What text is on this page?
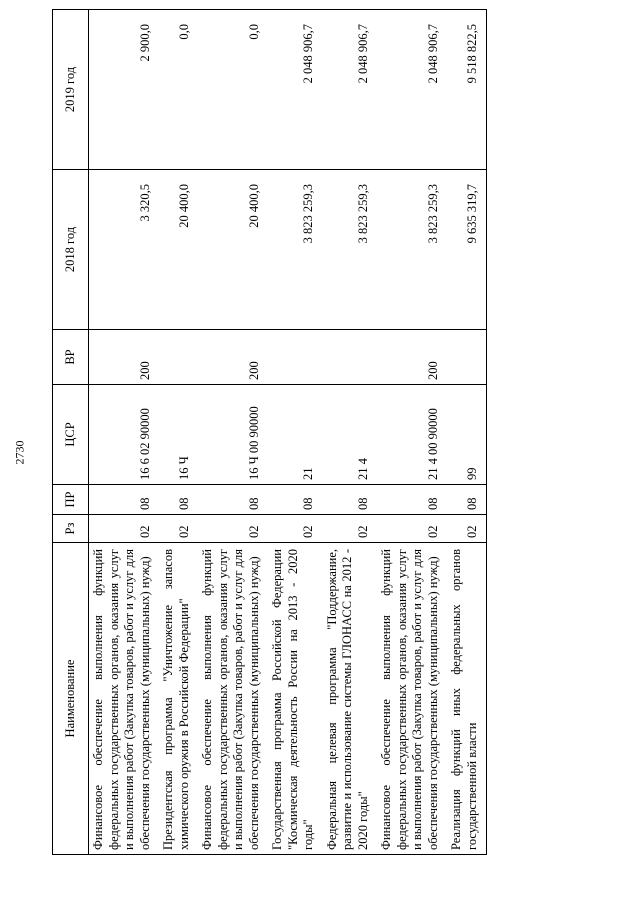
2730
Наименование	Рз	ПР	ЦСР	ВР	2018 год	2019 год
Финансовое обеспечение выполнения функций федеральных государственных органов, оказания услуг и выполнения работ (Закупка товаров, работ и услуг для обеспечения государственных (муниципальных) нужд)	02	08	16 6 02 90000	200	3 320,5	2 900,0
Президентская программа "Уничтожение запасов химического оружия в Российской Федерации"	02	08	16 Ч		20 400,0	0,0
Финансовое обеспечение выполнения функций федеральных государственных органов, оказания услуг и выполнения работ (Закупка товаров, работ и услуг для обеспечения государственных (муниципальных) нужд)	02	08	16 Ч 00 90000	200	20 400,0	0,0
Государственная программа Российской Федерации "Космическая деятельность России на 2013 - 2020 годы"	02	08	21		3 823 259,3	2 048 906,7
Федеральная целевая программа "Поддержание, развитие и использование системы ГЛОНАСС на 2012 - 2020 годы"	02	08	21 4		3 823 259,3	2 048 906,7
Финансовое обеспечение выполнения функций федеральных государственных органов, оказания услуг и выполнения работ (Закупка товаров, работ и услуг для обеспечения государственных (муниципальных) нужд)	02	08	21 4 00 90000	200	3 823 259,3	2 048 906,7
Реализация функций иных федеральных органов государственной власти	02	08	99		9 635 319,7	9 518 822,5
